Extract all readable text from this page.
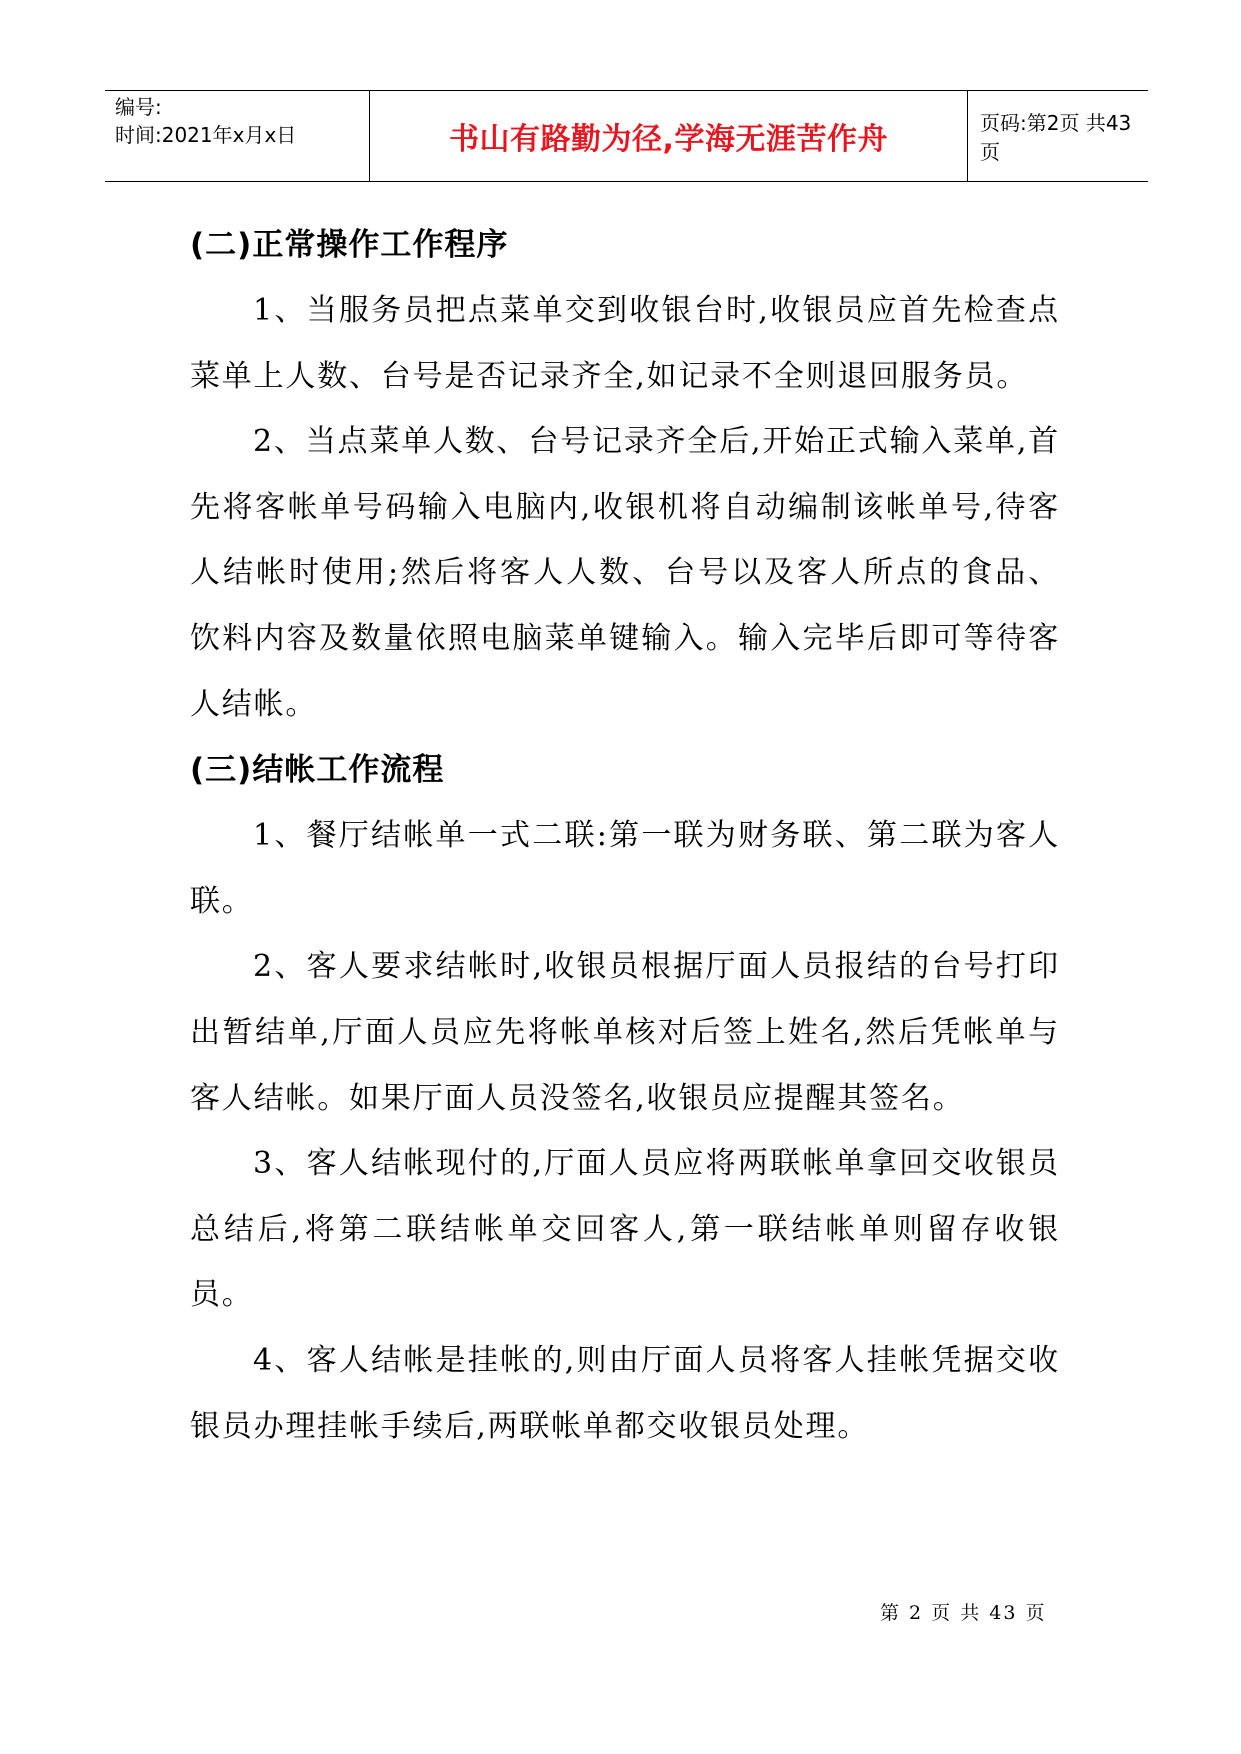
编号:
时间:2021年x月x日	书山有路勤为径,学海无涯苦作舟	页码:第2页 共43页
(二)正常操作工作程序

1、当服务员把点菜单交到收银台时,收银员应首先检查点菜单上人数、台号是否记录齐全,如记录不全则退回服务员。

2、当点菜单人数、台号记录齐全后,开始正式输入菜单,首先将客帐单号码输入电脑内,收银机将自动编制该帐单号,待客人结帐时使用;然后将客人人数、台号以及客人所点的食品、饮料内容及数量依照电脑菜单键输入。输入完毕后即可等待客人结帐。

(三)结帐工作流程

1、餐厅结帐单一式二联:第一联为财务联、第二联为客人联。

2、客人要求结帐时,收银员根据厅面人员报结的台号打印出暂结单,厅面人员应先将帐单核对后签上姓名,然后凭帐单与客人结帐。如果厅面人员没签名,收银员应提醒其签名。

3、客人结帐现付的,厅面人员应将两联帐单拿回交收银员总结后,将第二联结帐单交回客人,第一联结帐单则留存收银员。

4、客人结帐是挂帐的,则由厅面人员将客人挂帐凭据交收银员办理挂帐手续后,两联帐单都交收银员处理。

第 2 页 共 43 页
